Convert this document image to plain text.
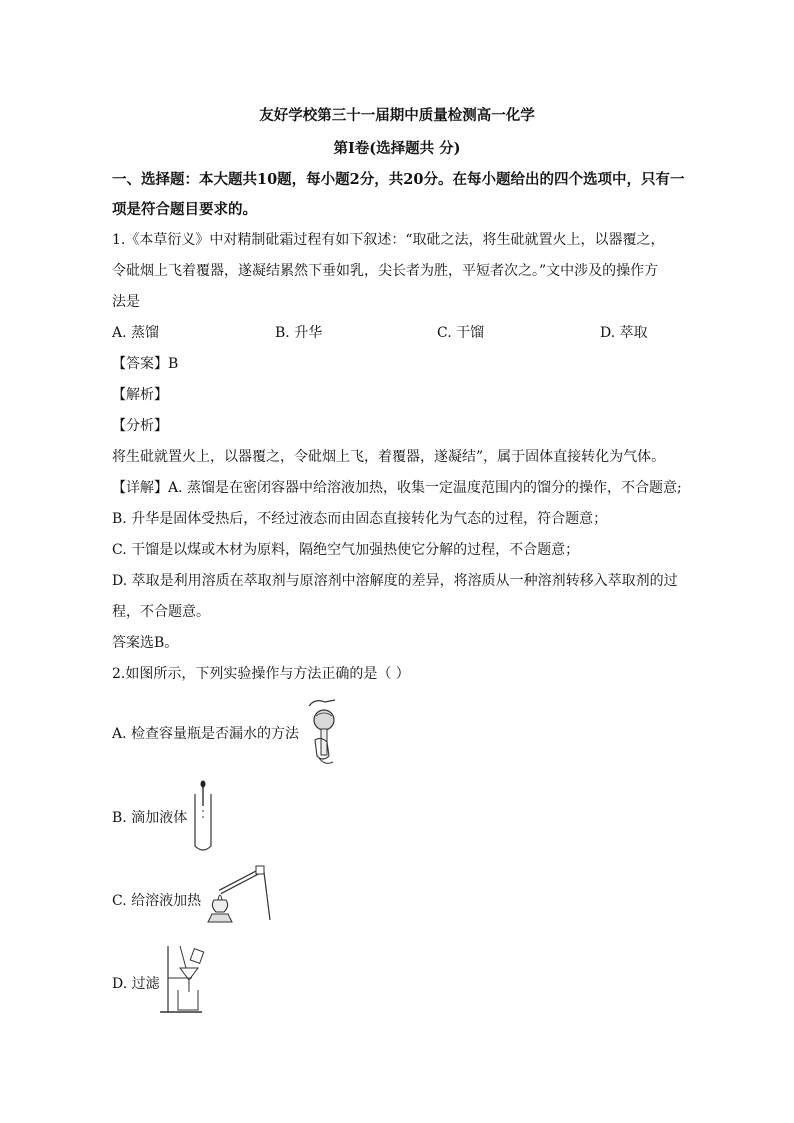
友好学校第三十一届期中质量检测高一化学
第Ⅰ卷(选择题共 分)
一、选择题：本大题共10题，每小题2分，共20分。在每小题给出的四个选项中，只有一
项是符合题目要求的。
1.《本草衍义》中对精制砒霜过程有如下叙述：“取砒之法，将生砒就置火上，以器覆之，
令砒烟上飞着覆器，遂凝结累然下垂如乳，尖长者为胜，平短者次之。”文中涉及的操作方
法是
A. 蒸馏	B. 升华	C. 干馏	D. 萃取
【答案】B
【解析】
【分析】
将生砒就置火上，以器覆之，令砒烟上飞，着覆器，遂凝结”，属于固体直接转化为气体。
【详解】A. 蒸馏是在密闭容器中给溶液加热，收集一定温度范围内的馏分的操作，不合题意;
B. 升华是固体受热后，不经过液态而由固态直接转化为气态的过程，符合题意；
C. 干馏是以煤或木材为原料，隔绝空气加强热使它分解的过程，不合题意；
D. 萃取是利用溶质在萃取剂与原溶剂中溶解度的差异，将溶质从一种溶剂转移入萃取剂的过
程，不合题意。
答案选B。
2.如图所示，下列实验操作与方法正确的是（ ）
A. 检查容量瓶是否漏水的方法
B. 滴加液体
C. 给溶液加热
D. 过滤
